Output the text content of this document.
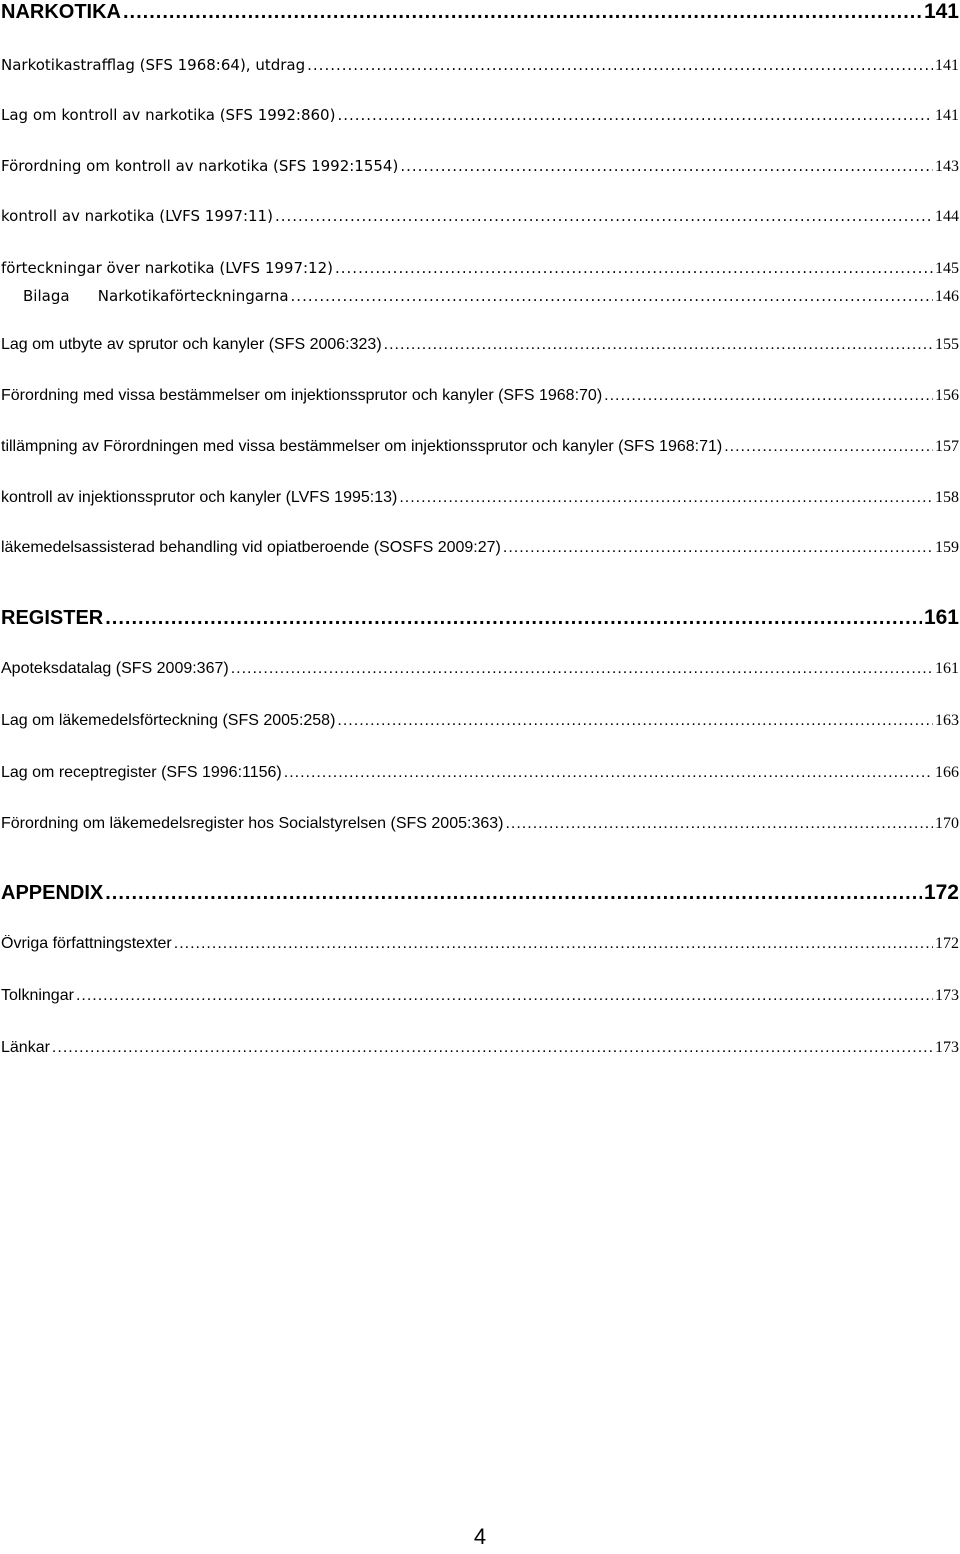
NARKOTIKA .....	141
Narkotikastrafflag (SFS 1968:64), utdrag .....	141
Lag om kontroll av narkotika (SFS 1992:860) .....	141
Förordning om kontroll av narkotika (SFS 1992:1554) .....	143
kontroll av narkotika (LVFS 1997:11) .....	144
förteckningar över narkotika (LVFS 1997:12) .....	145
Bilaga Narkotikaförteckningarna .....	146
Lag om utbyte av sprutor och kanyler (SFS 2006:323) .....	155
Förordning med vissa bestämmelser om injektionssprutor och kanyler (SFS 1968:70) .....	156
tillämpning av Förordningen med vissa bestämmelser om injektionssprutor och kanyler (SFS 1968:71) .....	157
kontroll av injektionssprutor och kanyler (LVFS 1995:13) .....	158
läkemedelsassisterad behandling vid opiatberoende (SOSFS 2009:27) .....	159
REGISTER .....	161
Apoteksdatalag (SFS 2009:367) .....	161
Lag om läkemedelsförteckning (SFS 2005:258) .....	163
Lag om receptregister (SFS 1996:1156) .....	166
Förordning om läkemedelsregister hos Socialstyrelsen (SFS 2005:363) .....	170
APPENDIX .....	172
Övriga författningstexter .....	172
Tolkningar .....	173
Länkar .....	173
4
